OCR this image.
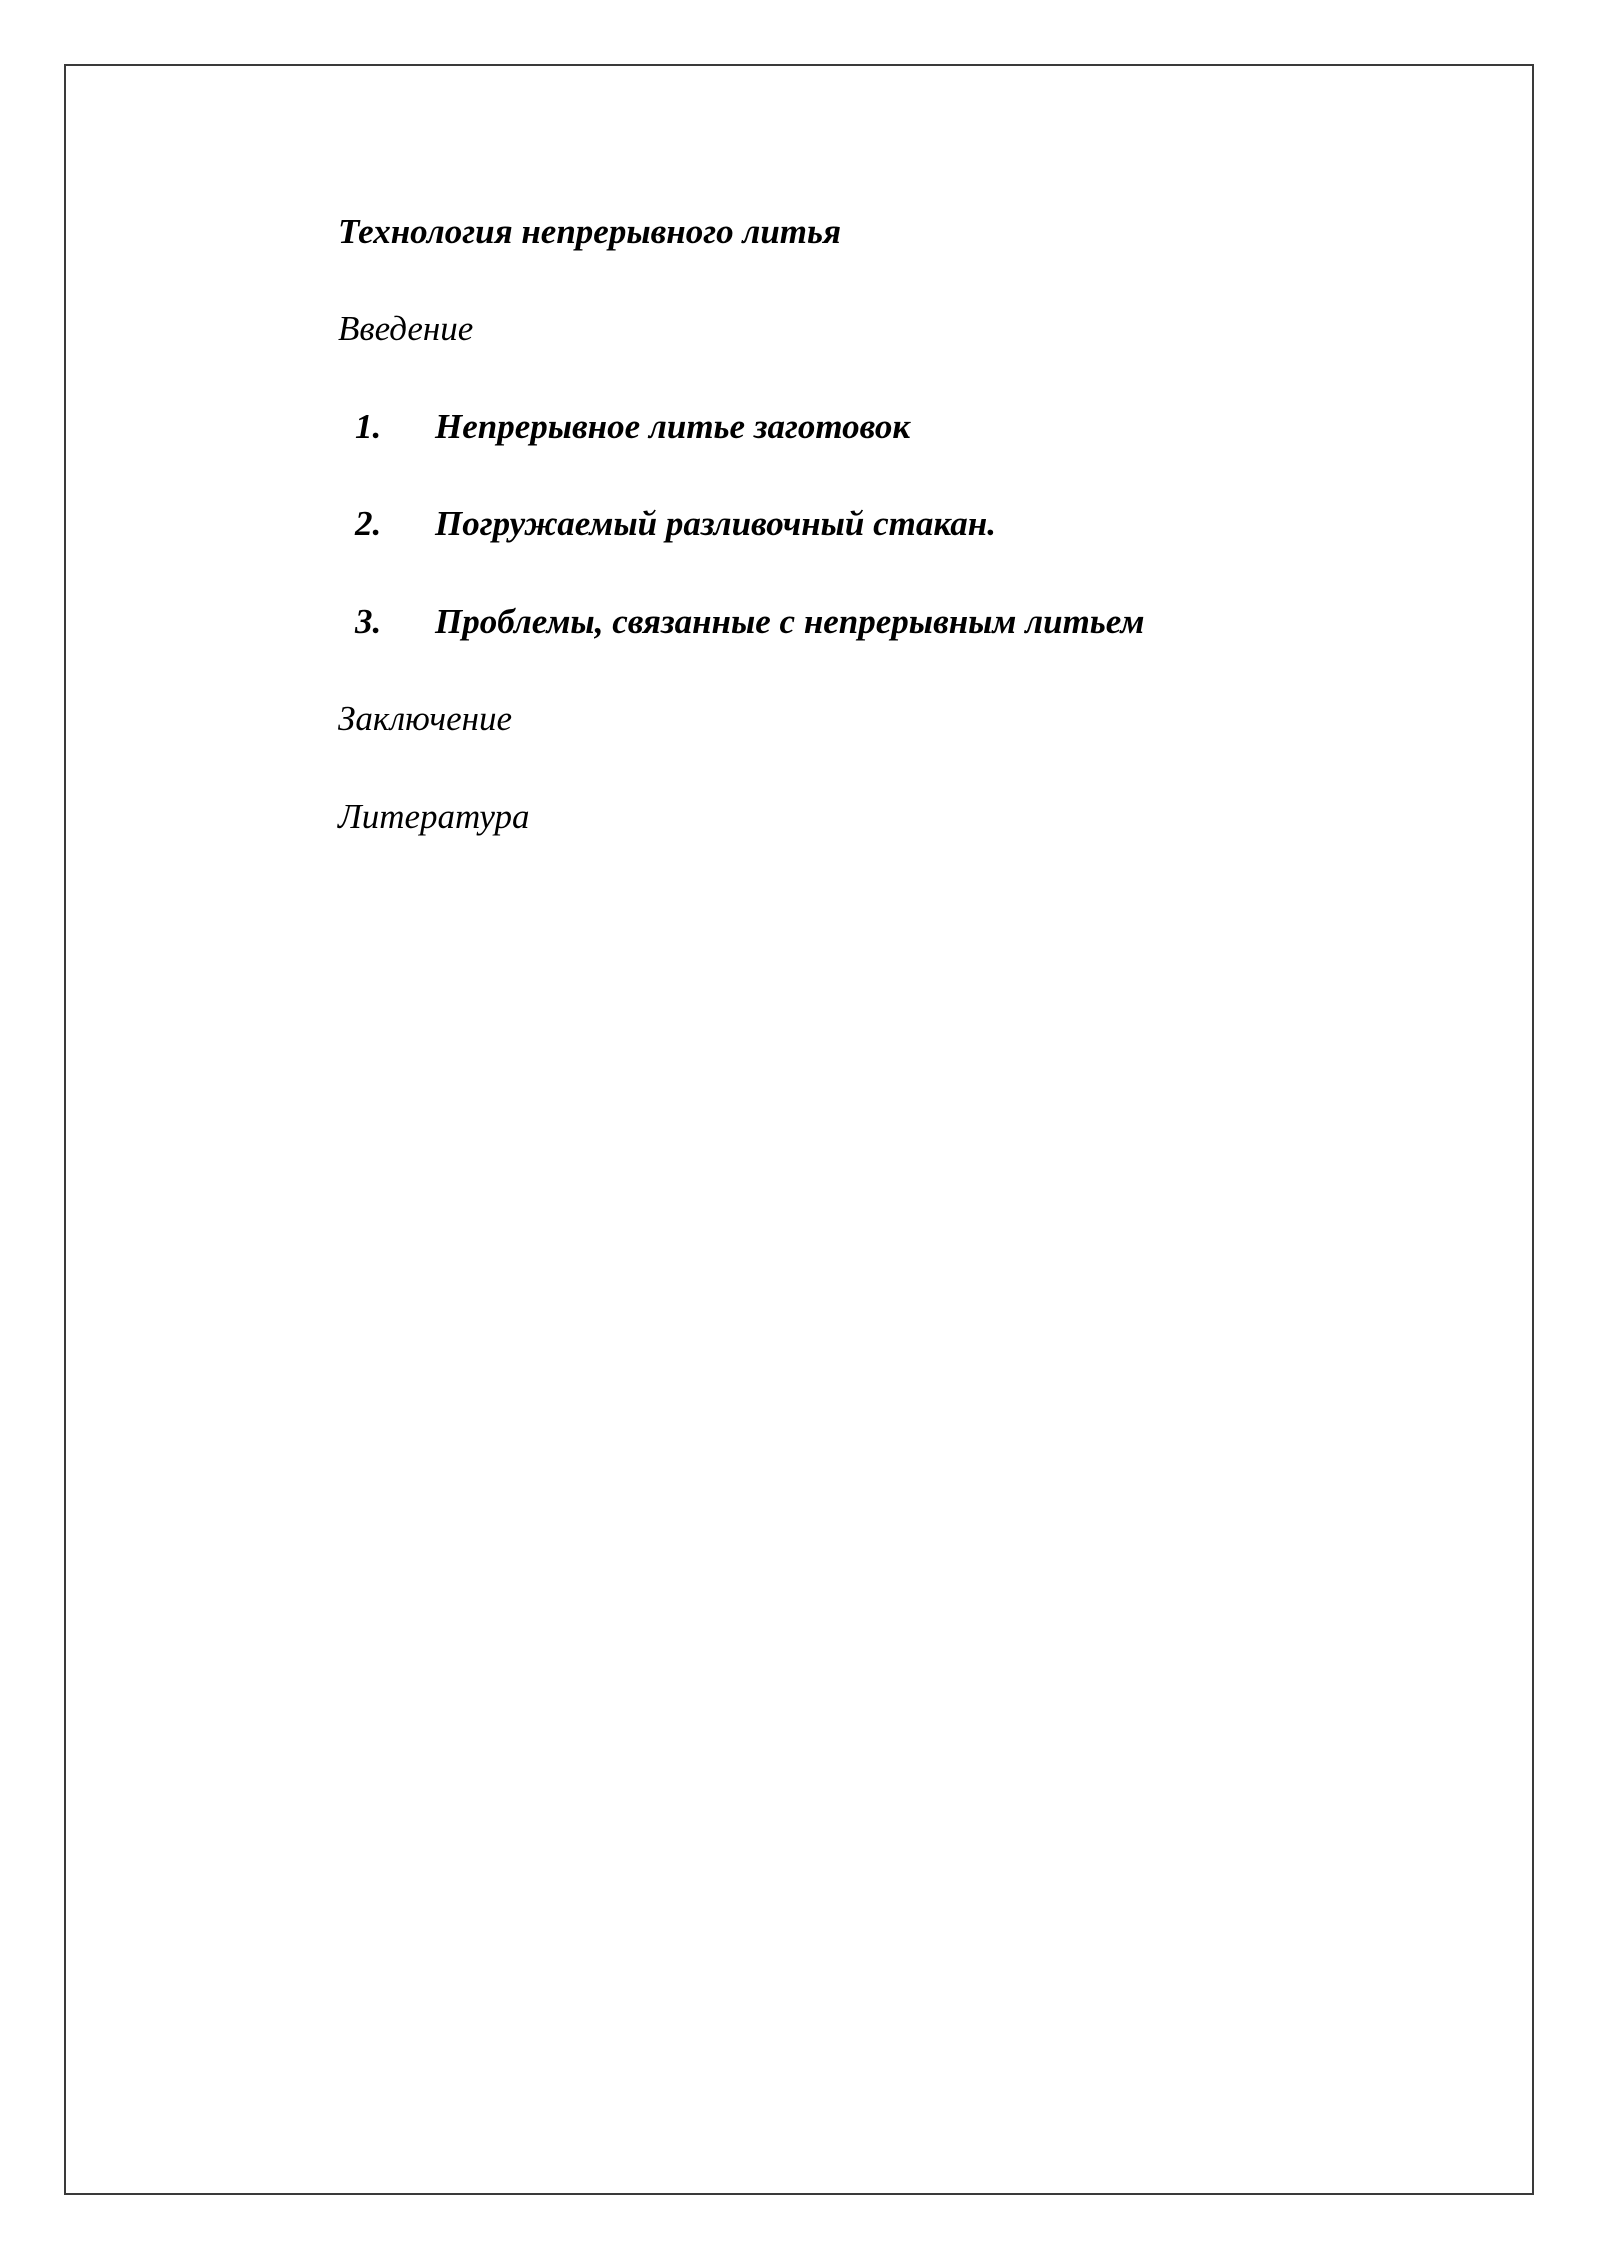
Технология непрерывного литья
Введение
1. Непрерывное литье заготовок
2. Погружаемый разливочный стакан.
3. Проблемы, связанные с непрерывным литьем
Заключение
Литература
